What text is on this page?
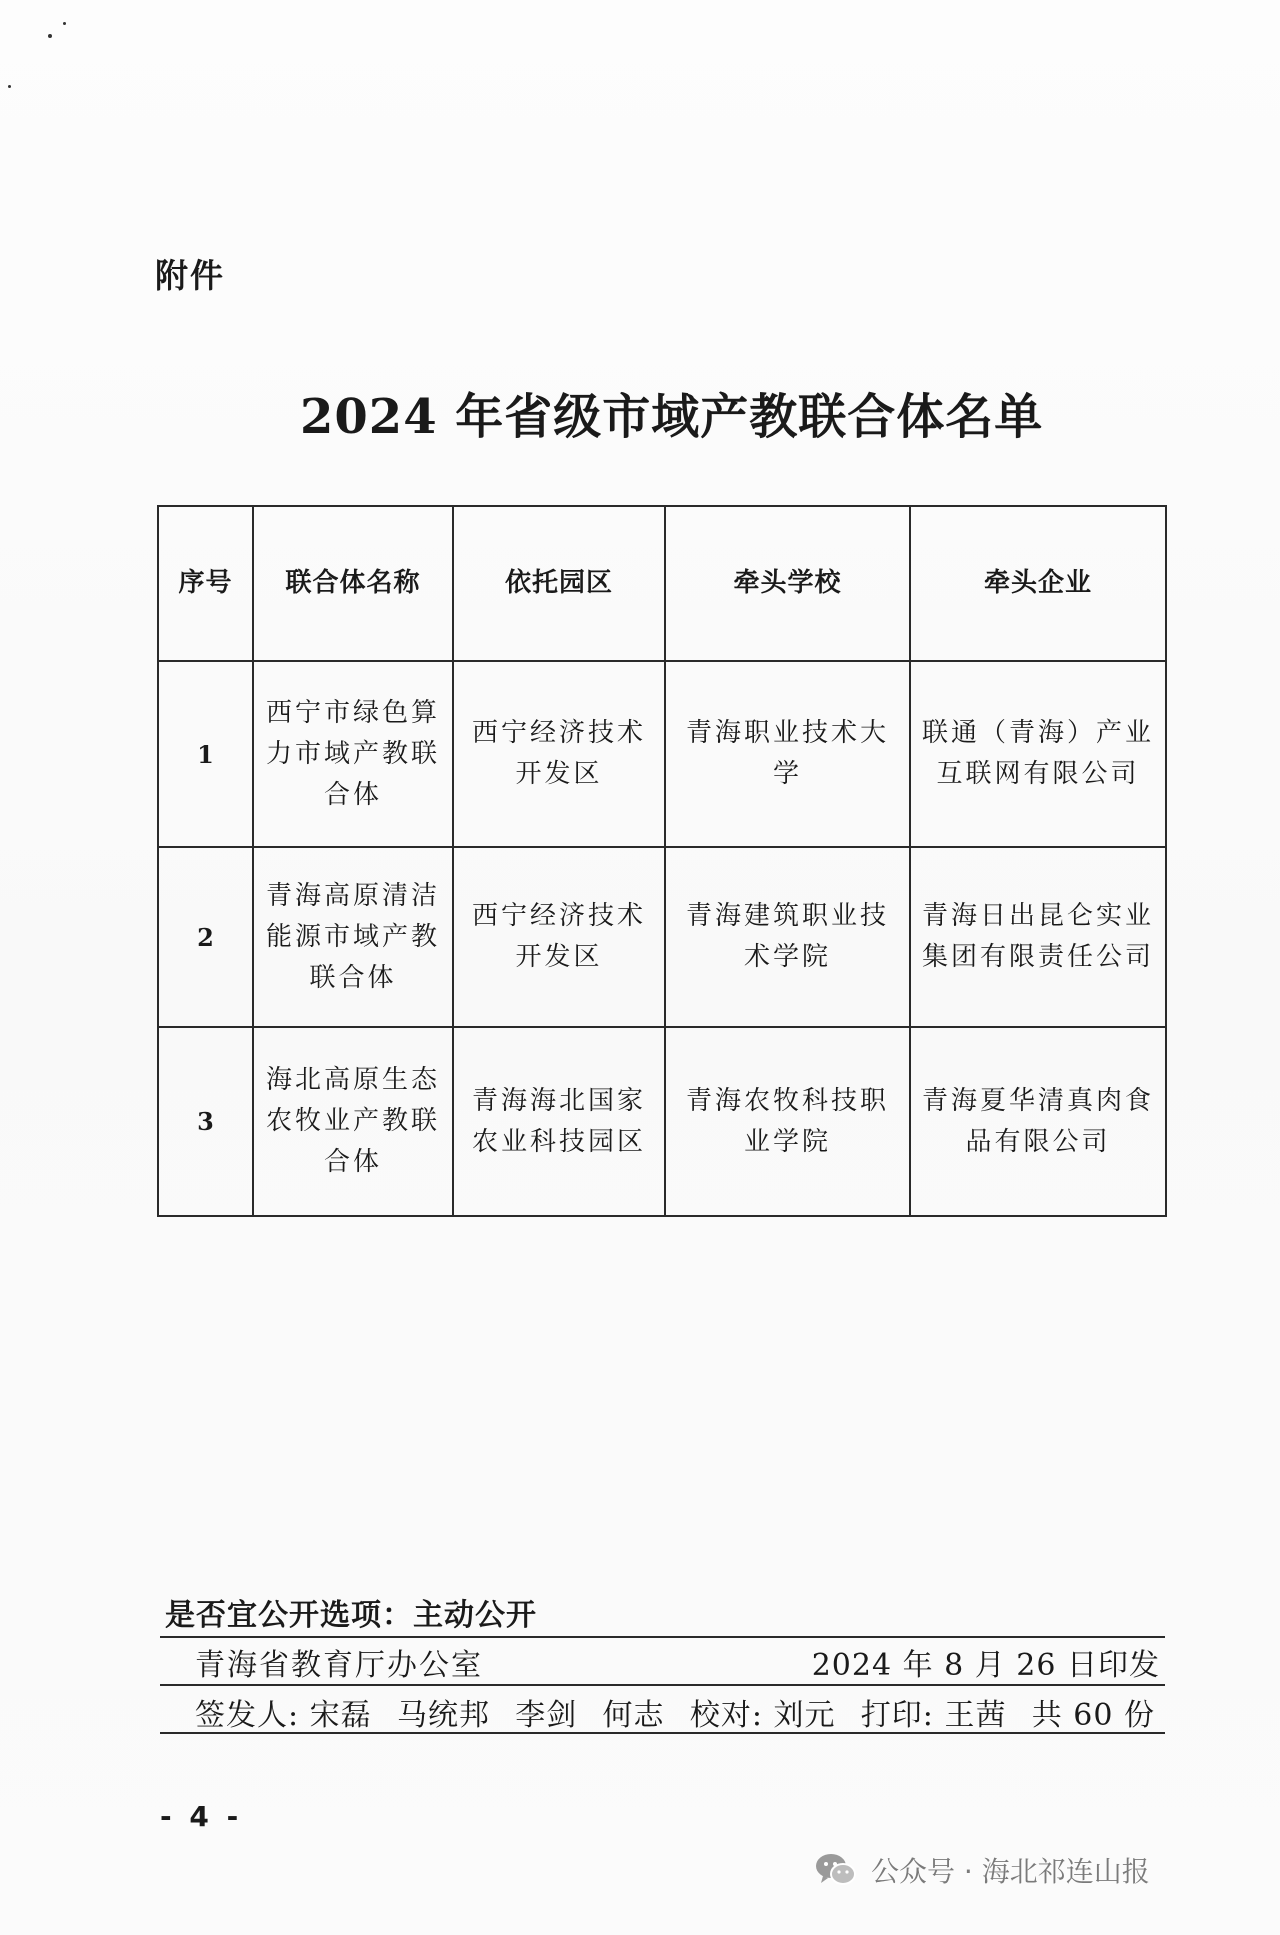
附件
2024 年省级市域产教联合体名单
序号	联合体名称	依托园区	牵头学校	牵头企业
1	西宁市绿色算力市域产教联合体	西宁经济技术开发区	青海职业技术大学	联通（青海）产业互联网有限公司
2	青海高原清洁能源市域产教联合体	西宁经济技术开发区	青海建筑职业技术学院	青海日出昆仑实业集团有限责任公司
3	海北高原生态农牧业产教联合体	青海海北国家农业科技园区	青海农牧科技职业学院	青海夏华清真肉食品有限公司
是否宜公开选项：主动公开
青海省教育厅办公室	2024 年 8 月 26 日印发
签发人: 宋磊 马统邦 李剑 何志 校对: 刘元 打印: 王茜 共 60 份
- 4 -
公众号 · 海北祁连山报
